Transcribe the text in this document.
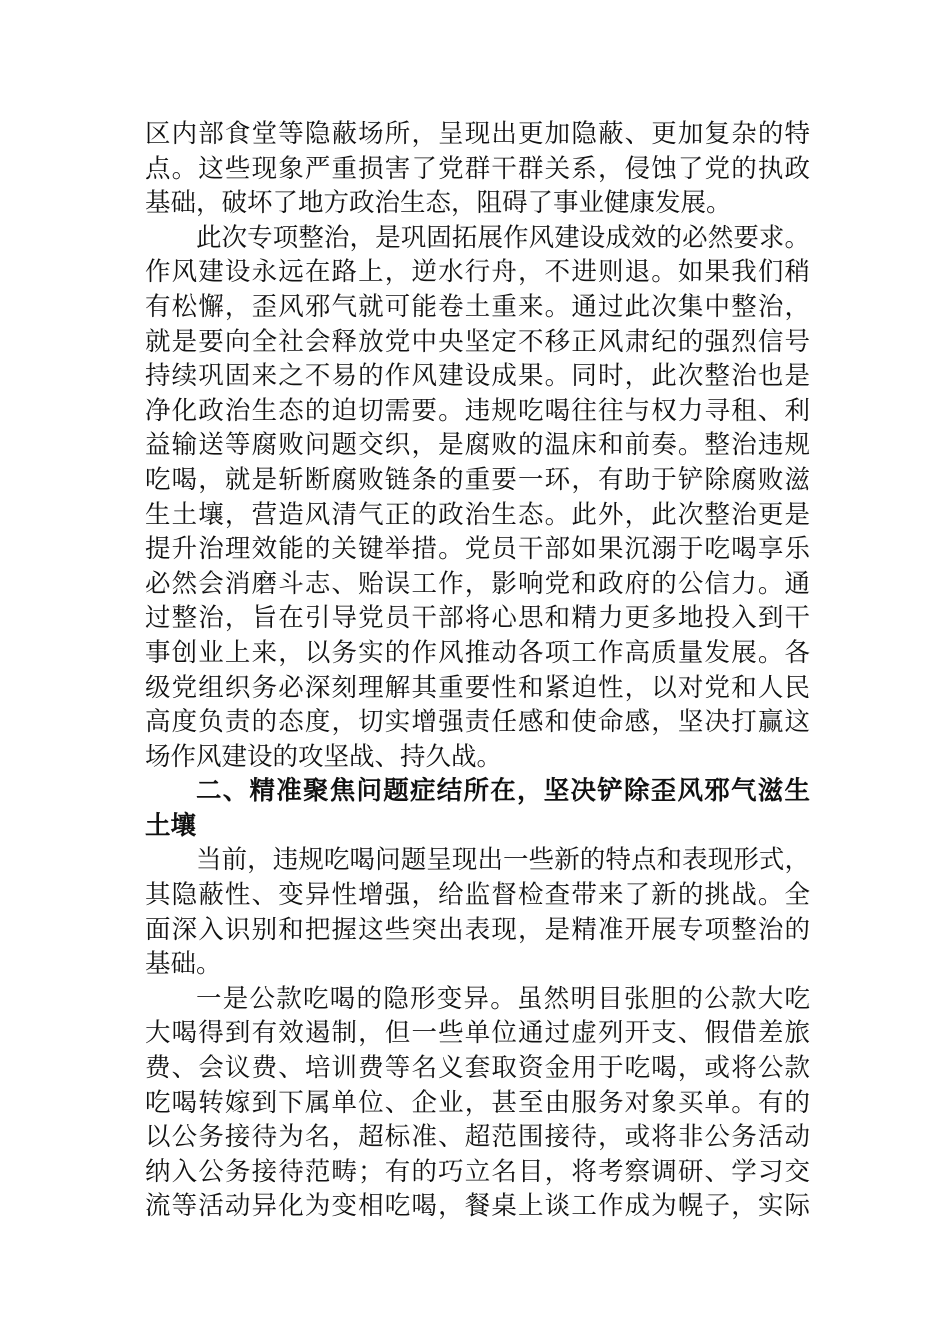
区内部食堂等隐蔽场所，呈现出更加隐蔽、更加复杂的特
点。这些现象严重损害了党群干群关系，侵蚀了党的执政
基础，破坏了地方政治生态，阻碍了事业健康发展。
此次专项整治，是巩固拓展作风建设成效的必然要求。
作风建设永远在路上，逆水行舟，不进则退。如果我们稍
有松懈，歪风邪气就可能卷土重来。通过此次集中整治，
就是要向全社会释放党中央坚定不移正风肃纪的强烈信号
持续巩固来之不易的作风建设成果。同时，此次整治也是
净化政治生态的迫切需要。违规吃喝往往与权力寻租、利
益输送等腐败问题交织，是腐败的温床和前奏。整治违规
吃喝，就是斩断腐败链条的重要一环，有助于铲除腐败滋
生土壤，营造风清气正的政治生态。此外，此次整治更是
提升治理效能的关键举措。党员干部如果沉溺于吃喝享乐
必然会消磨斗志、贻误工作，影响党和政府的公信力。通
过整治，旨在引导党员干部将心思和精力更多地投入到干
事创业上来，以务实的作风推动各项工作高质量发展。各
级党组织务必深刻理解其重要性和紧迫性，以对党和人民
高度负责的态度，切实增强责任感和使命感，坚决打赢这
场作风建设的攻坚战、持久战。
二、精准聚焦问题症结所在，坚决铲除歪风邪气滋生
土壤
当前，违规吃喝问题呈现出一些新的特点和表现形式，
其隐蔽性、变异性增强，给监督检查带来了新的挑战。全
面深入识别和把握这些突出表现，是精准开展专项整治的
基础。
一是公款吃喝的隐形变异。虽然明目张胆的公款大吃
大喝得到有效遏制，但一些单位通过虚列开支、假借差旅
费、会议费、培训费等名义套取资金用于吃喝，或将公款
吃喝转嫁到下属单位、企业，甚至由服务对象买单。有的
以公务接待为名，超标准、超范围接待，或将非公务活动
纳入公务接待范畴；有的巧立名目，将考察调研、学习交
流等活动异化为变相吃喝，餐桌上谈工作成为幌子，实际
